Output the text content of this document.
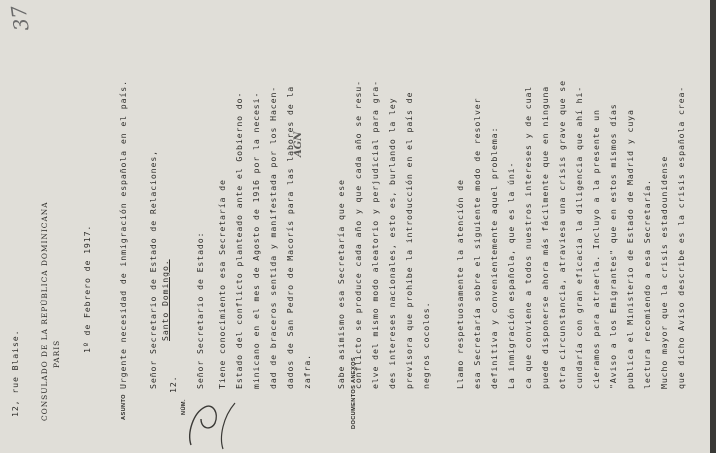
37
12, rue Blaise.	CONSULADO DE LA REPÚBLICA DOMINICANA PARIS
1º de Febrero de 1917.
ASUNTO
Urgente necesidad de inmigración española en el país. Señor Secretario de Estado de Relaciones, Santo Domingo.
NÚM.
12.	DOCUMENTOS ANEXOS
AGN
Señor Secretario de Estado: Tiene conocimiento esa Secretaría de Estado del conflicto planteado ante el Gobierno do- minicano en el mes de Agosto de 1916 por la necesi- dad de braceros sentida y manifestada por los Hacen- dados de San Pedro de Macorís para las labores de la zafra.	Sabe asimismo esa Secretaría que ese conflicto se produce cada año y que cada año se resu- elve del mismo modo aleatorio y perjudicial para gra- des intereses nacionales, esto es, burlando la ley previsora que prohibe la introducción en el país de negros cocolos.	Llamo respetuosamente la atención de esa Secretaría sobre el siguiente modo de resolver definitiva y convenientemente aquel problema: La inmigración española, que es la úni- ca que conviene a todos nuestros intereses y de cual puede disponerse ahora más fácilmente que en ninguna otra circunstancia, atraviesa una crisis grave que se cundaría con gran eficacia la diligencia que ahí hi- cieramos para atraerla. Incluyo a la presente un "Aviso a los Emigrantes" que en estos mismos días publica el Ministerio de Estado de Madrid y cuya lectura recomiendo a esa Secretaría. Mucho mayor que la crisis estadounidense que dicho Aviso describe es la crisis española crea-
